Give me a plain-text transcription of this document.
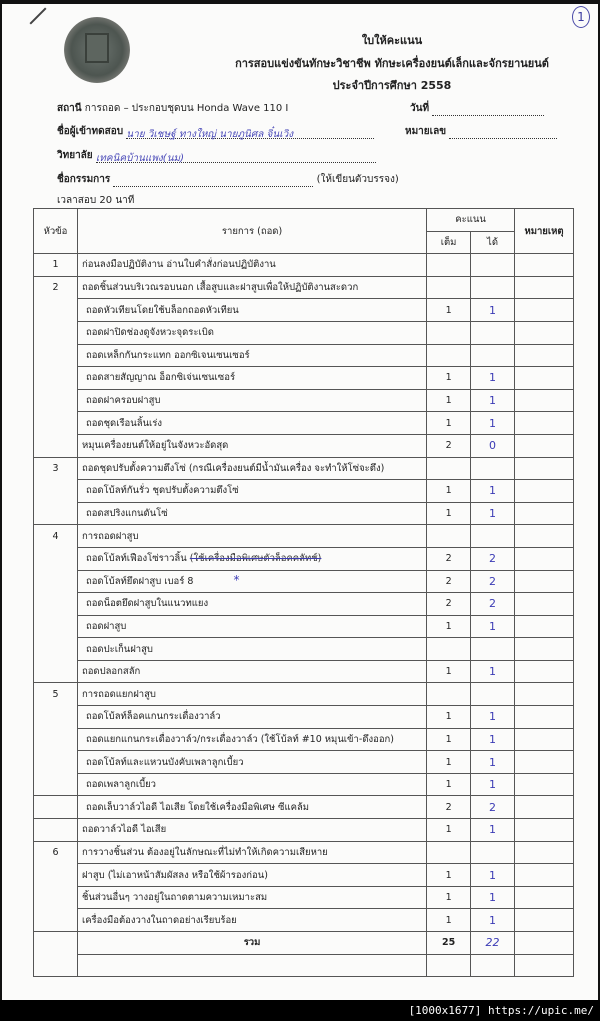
1
ใบให้คะแนน
การสอบแข่งขันทักษะวิชาชีพ ทักษะเครื่องยนต์เล็กและจักรยานยนต์
ประจำปีการศึกษา 2558
สถานี การถอด – ประกอบชุดบน Honda Wave 110 I	วันที่
ชื่อผู้เข้าทดสอบ นาย วิเชษฐ์ ทางใหญ่ นายภูนิศล จิ๋นเวิง	หมายเลข
วิทยาลัย เทคนิคบ้านแพง(นม)
ชื่อกรรมการ	(ให้เขียนตัวบรรจง)
เวลาสอบ 20 นาที
หัวข้อ	รายการ (ถอด)	คะแนน		หมายเหตุ
		เต็ม	ได้	
1	ก่อนลงมือปฏิบัติงาน อ่านใบคำสั่งก่อนปฏิบัติงาน			
2	ถอดชิ้นส่วนบริเวณรอบนอก เสื้อสูบและฝาสูบเพื่อให้ปฏิบัติงานสะดวก			
	ถอดหัวเทียนโดยใช้บล็อกถอดหัวเทียน	1	1	
	ถอดฝาปิดช่องดูจังหวะจุดระเบิด			
	ถอดเหล็กกันกระแทก ออกซิเจนเซนเซอร์			
	ถอดสายสัญญาณ อ็อกซิเจ่นเซนเซอร์	1	1	
	ถอดฝาครอบฝาสูบ	1	1	
	ถอดชุดเรือนลิ้นเร่ง	1	1	
	หมุนเครื่องยนต์ให้อยู่ในจังหวะอัดสุด	2	0	
3	ถอดชุดปรับตั้งความตึงโซ่ (กรณีเครื่องยนต์มีน้ำมันเครื่อง จะทำให้โซ่จะตึง)			
	ถอดโบ้ลท์กันรั่ว ชุดปรับตั้งความตึงโซ่	1	1	
	ถอดสปริงแกนดันโซ่	1	1	
4	การถอดฝาสูบ			
	ถอดโบ้ลท์เฟืองโซ่ราวลิ้น (ใช้เครื่องมือพิเศษตัวล็อคคลัทช์)	2	2	
	ถอดโบ้ลท์ยึดฝาสูบ เบอร์ 8 *	2	2	
	ถอดน็อตยึดฝาสูบในแนวทแยง	2	2	
	ถอดฝาสูบ	1	1	
	ถอดปะเก็นฝาสูบ			
	ถอดปลอกสลัก	1	1	
5	การถอดแยกฝาสูบ			
	ถอดโบ้ลท์ล็อคแกนกระเดื่องวาล์ว	1	1	
	ถอดแยกแกนกระเดื่องวาล์ว/กระเดื่องวาล์ว (ใช้โบ้ลท์ #10 หมุนเข้า-ดึงออก)	1	1	
	ถอดโบ้ลท์และแหวนบังคับเพลาลูกเบี้ยว	1	1	
	ถอดเพลาลูกเบี้ยว	1	1	
	ถอดเล็บวาล์วไอดี ไอเสีย โดยใช้เครื่องมือพิเศษ ซีแคล้ม	2	2	
	ถอดวาล์วไอดี ไอเสีย	1	1	
6	การวางชิ้นส่วน ต้องอยู่ในลักษณะที่ไม่ทำให้เกิดความเสียหาย			
	ฝาสูบ (ไม่เอาหน้าสัมผัสลง หรือใช้ผ้ารองก่อน)	1	1	
	ชิ้นส่วนอื่นๆ วางอยู่ในถาดตามความเหมาะสม	1	1	
	เครื่องมือต้องวางในถาดอย่างเรียบร้อย	1	1	
	รวม	25	22	

[1000x1677] https://upic.me/
